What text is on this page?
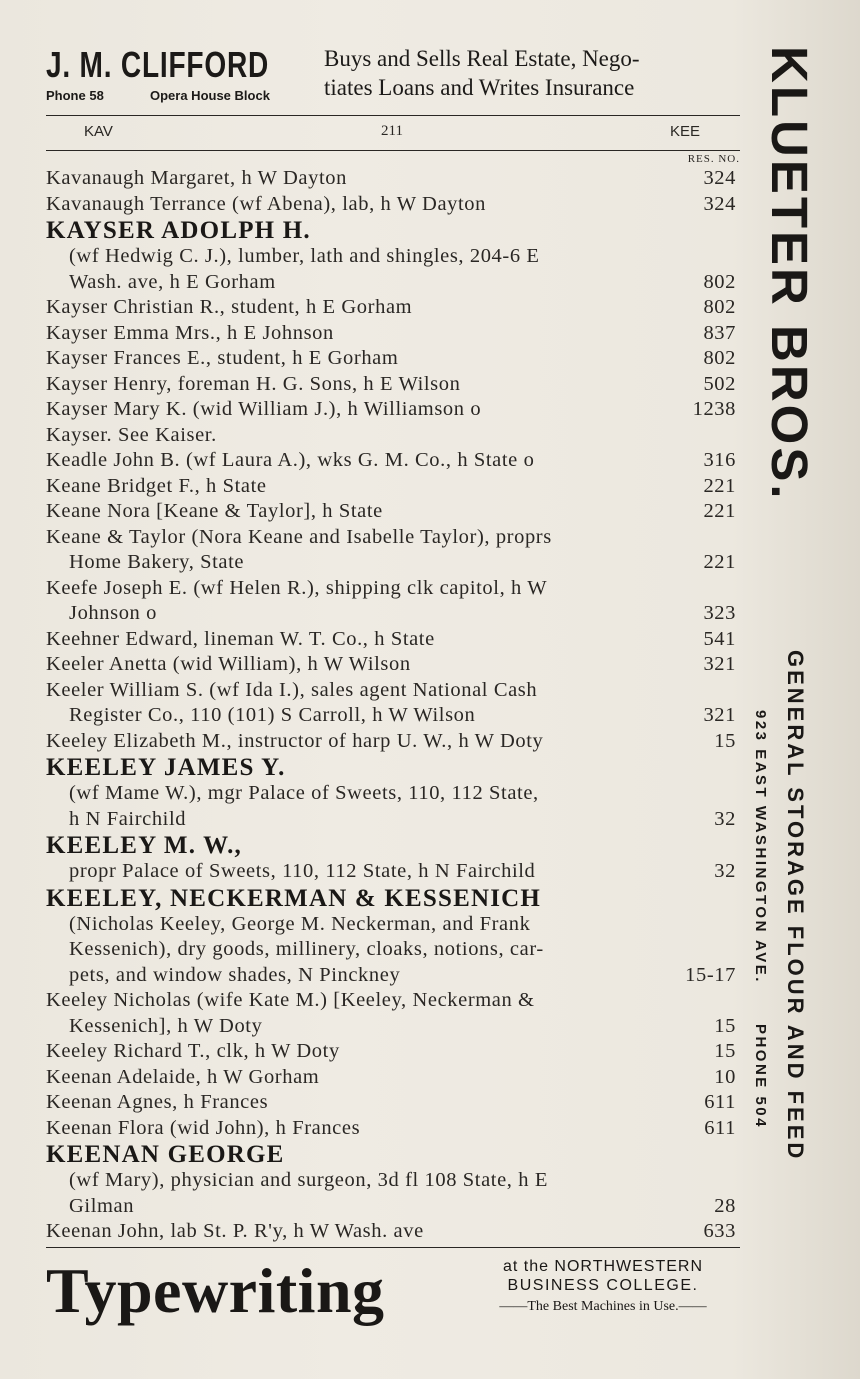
J. M. CLIFFORD
Phone 58	Opera House Block
Buys and Sells Real Estate, Nego-
tiates Loans and Writes Insurance
KAV	211	KEE
RES. NO.
Kavanaugh Margaret, h W Dayton	324
Kavanaugh Terrance (wf Abena), lab, h W Dayton	324
KAYSER ADOLPH H.
(wf Hedwig C. J.), lumber, lath and shingles, 204-6 E
Wash. ave, h E Gorham	802
Kayser Christian R., student, h E Gorham	802
Kayser Emma Mrs., h E Johnson	837
Kayser Frances E., student, h E Gorham	802
Kayser Henry, foreman H. G. Sons, h E Wilson	502
Kayser Mary K. (wid William J.), h Williamson o	1238
Kayser. See Kaiser.
Keadle John B. (wf Laura A.), wks G. M. Co., h State o	316
Keane Bridget F., h State	221
Keane Nora [Keane & Taylor], h State	221
Keane & Taylor (Nora Keane and Isabelle Taylor), proprs
Home Bakery, State	221
Keefe Joseph E. (wf Helen R.), shipping clk capitol, h W
Johnson o	323
Keehner Edward, lineman W. T. Co., h State	541
Keeler Anetta (wid William), h W Wilson	321
Keeler William S. (wf Ida I.), sales agent National Cash
Register Co., 110 (101) S Carroll, h W Wilson	321
Keeley Elizabeth M., instructor of harp U. W., h W Doty	15
KEELEY JAMES Y.
(wf Mame W.), mgr Palace of Sweets, 110, 112 State,
h N Fairchild	32
KEELEY M. W.,
propr Palace of Sweets, 110, 112 State, h N Fairchild	32
KEELEY, NECKERMAN & KESSENICH
(Nicholas Keeley, George M. Neckerman, and Frank
Kessenich), dry goods, millinery, cloaks, notions, car-
pets, and window shades, N Pinckney	15-17
Keeley Nicholas (wife Kate M.) [Keeley, Neckerman &
Kessenich], h W Doty	15
Keeley Richard T., clk, h W Doty	15
Keenan Adelaide, h W Gorham	10
Keenan Agnes, h Frances	611
Keenan Flora (wid John), h Frances	611
KEENAN GEORGE
(wf Mary), physician and surgeon, 3d fl 108 State, h E
Gilman	28
Keenan John, lab St. P. R'y, h W Wash. ave	633
Typewriting	at the NORTHWESTERN
BUSINESS COLLEGE.
——The Best Machines in Use.——
KLUETER BROS.
GENERAL STORAGE FLOUR AND FEED
923 EAST WASHINGTON AVE.PHONE 504
